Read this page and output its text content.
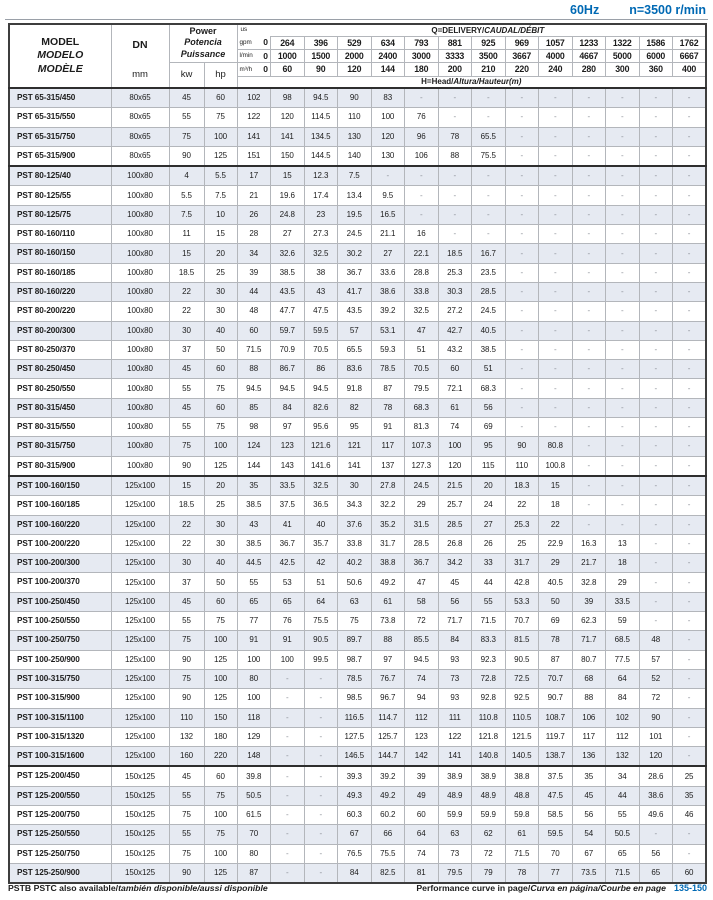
60Hz n=3500 r/min
MODEL
MODELO
MODÈLE

DN
mm

Power
Potencia
Puissance
	us	Q=DELIVERY/CAUDAL/DÉBIT

				gpm 0	264	396	529	634	793	881	925	969	1057	1233	1322	1586	1762

				l/min 0	1000	1500	2000	2400	3000	3333	3500	3667	4000	4667	5000	6000	6667
		kw	hp	m³/h 0	60	90	120	144	180	200	210	220	240	280	300	360	400
				H=Head/Altura/Hauteur(m)													
PST 65-315/450	80x65	45	60	102	98	94.5	90	83	-	-	-	-	-	-	-	-	-
PST 65-315/550	80x65	55	75	122	120	114.5	110	100	76	-	-	-	-	-	-	-	-
PST 65-315/750	80x65	75	100	141	141	134.5	130	120	96	78	65.5	-	-	-	-	-	-
PST 65-315/900	80x65	90	125	151	150	144.5	140	130	106	88	75.5	-	-	-	-	-	-
PST 80-125/40	100x80	4	5.5	17	15	12.3	7.5	-	-	-	-	-	-	-	-	-	-
PST 80-125/55	100x80	5.5	7.5	21	19.6	17.4	13.4	9.5	-	-	-	-	-	-	-	-	-
PST 80-125/75	100x80	7.5	10	26	24.8	23	19.5	16.5	-	-	-	-	-	-	-	-	-
PST 80-160/110	100x80	11	15	28	27	27.3	24.5	21.1	16	-	-	-	-	-	-	-	-
PST 80-160/150	100x80	15	20	34	32.6	32.5	30.2	27	22.1	18.5	16.7	-	-	-	-	-	-
PST 80-160/185	100x80	18.5	25	39	38.5	38	36.7	33.6	28.8	25.3	23.5	-	-	-	-	-	-
PST 80-160/220	100x80	22	30	44	43.5	43	41.7	38.6	33.8	30.3	28.5	-	-	-	-	-	-
PST 80-200/220	100x80	22	30	48	47.7	47.5	43.5	39.2	32.5	27.2	24.5	-	-	-	-	-	-
PST 80-200/300	100x80	30	40	60	59.7	59.5	57	53.1	47	42.7	40.5	-	-	-	-	-	-
PST 80-250/370	100x80	37	50	71.5	70.9	70.5	65.5	59.3	51	43.2	38.5	-	-	-	-	-	-
PST 80-250/450	100x80	45	60	88	86.7	86	83.6	78.5	70.5	60	51	-	-	-	-	-	-
PST 80-250/550	100x80	55	75	94.5	94.5	94.5	91.8	87	79.5	72.1	68.3	-	-	-	-	-	-
PST 80-315/450	100x80	45	60	85	84	82.6	82	78	68.3	61	56	-	-	-	-	-	-
PST 80-315/550	100x80	55	75	98	97	95.6	95	91	81.3	74	69	-	-	-	-	-	-
PST 80-315/750	100x80	75	100	124	123	121.6	121	117	107.3	100	95	90	80.8	-	-	-	-
PST 80-315/900	100x80	90	125	144	143	141.6	141	137	127.3	120	115	110	100.8	-	-	-	-
PST 100-160/150	125x100	15	20	35	33.5	32.5	30	27.8	24.5	21.5	20	18.3	15	-	-	-	-
PST 100-160/185	125x100	18.5	25	38.5	37.5	36.5	34.3	32.2	29	25.7	24	22	18	-	-	-	-
PST 100-160/220	125x100	22	30	43	41	40	37.6	35.2	31.5	28.5	27	25.3	22	-	-	-	-
PST 100-200/220	125x100	22	30	38.5	36.7	35.7	33.8	31.7	28.5	26.8	26	25	22.9	16.3	13	-	-
PST 100-200/300	125x100	30	40	44.5	42.5	42	40.2	38.8	36.7	34.2	33	31.7	29	21.7	18	-	-
PST 100-200/370	125x100	37	50	55	53	51	50.6	49.2	47	45	44	42.8	40.5	32.8	29	-	-
PST 100-250/450	125x100	45	60	65	65	64	63	61	58	56	55	53.3	50	39	33.5	-	-
PST 100-250/550	125x100	55	75	77	76	75.5	75	73.8	72	71.7	71.5	70.7	69	62.3	59	-	-
PST 100-250/750	125x100	75	100	91	91	90.5	89.7	88	85.5	84	83.3	81.5	78	71.7	68.5	48	-
PST 100-250/900	125x100	90	125	100	100	99.5	98.7	97	94.5	93	92.3	90.5	87	80.7	77.5	57	-
PST 100-315/750	125x100	75	100	80	-	-	78.5	76.7	74	73	72.8	72.5	70.7	68	64	52	-
PST 100-315/900	125x100	90	125	100	-	-	98.5	96.7	94	93	92.8	92.5	90.7	88	84	72	-
PST 100-315/1100	125x100	110	150	118	-	-	116.5	114.7	112	111	110.8	110.5	108.7	106	102	90	-
PST 100-315/1320	125x100	132	180	129	-	-	127.5	125.7	123	122	121.8	121.5	119.7	117	112	101	-
PST 100-315/1600	125x100	160	220	148	-	-	146.5	144.7	142	141	140.8	140.5	138.7	136	132	120	-
PST 125-200/450	150x125	45	60	39.8	-	-	39.3	39.2	39	38.9	38.9	38.8	37.5	35	34	28.6	25
PST 125-200/550	150x125	55	75	50.5	-	-	49.3	49.2	49	48.9	48.9	48.8	47.5	45	44	38.6	35
PST 125-200/750	150x125	75	100	61.5	-	-	60.3	60.2	60	59.9	59.9	59.8	58.5	56	55	49.6	46
PST 125-250/550	150x125	55	75	70	-	-	67	66	64	63	62	61	59.5	54	50.5	-	-
PST 125-250/750	150x125	75	100	80	-	-	76.5	75.5	74	73	72	71.5	70	67	65	56	-
PST 125-250/900	150x125	90	125	87	-	-	84	82.5	81	79.5	79	78	77	73.5	71.5	65	60
PSTB PSTC also available/también disponible/aussi disponible	Performance curve in page/Curva en página/Courbe en page 135-150
